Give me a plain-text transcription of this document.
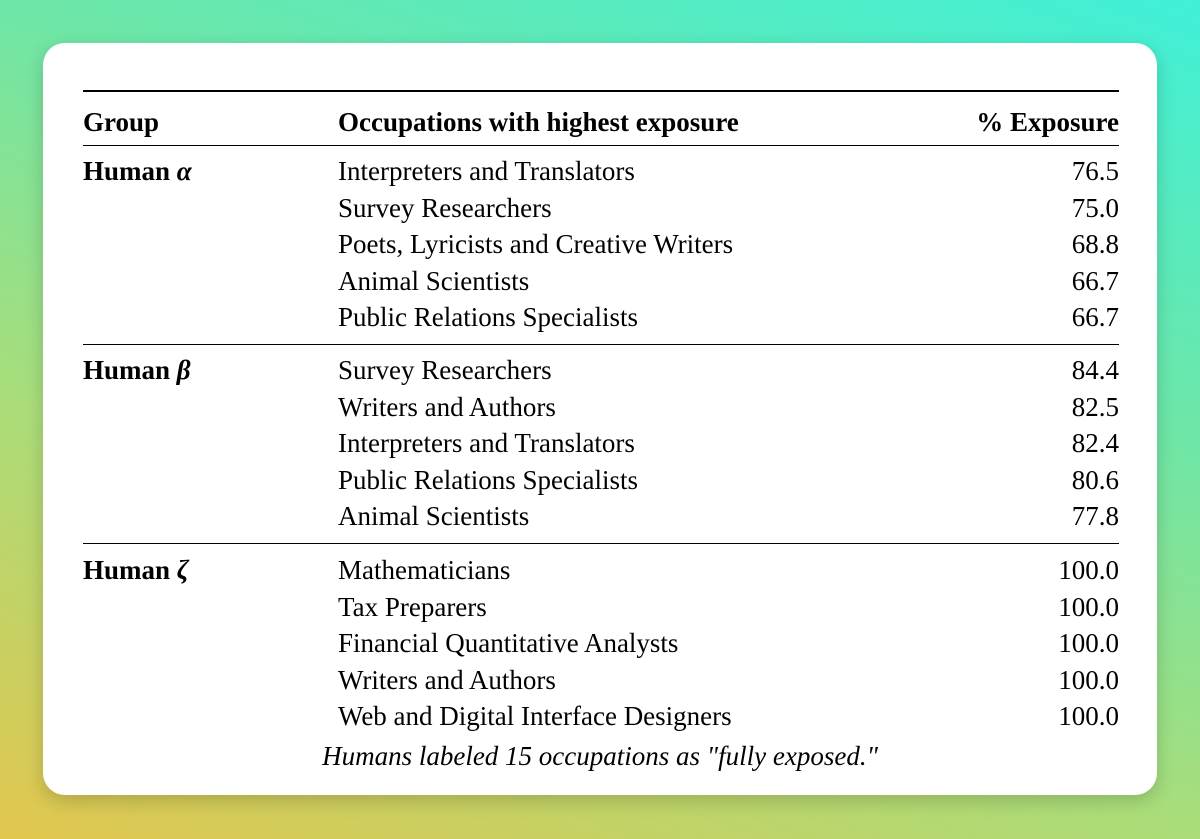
Group	Occupations with highest exposure	% Exposure
Human α	Interpreters and Translators	76.5
Survey Researchers	75.0
Poets, Lyricists and Creative Writers	68.8
Animal Scientists	66.7
Public Relations Specialists	66.7
Human β	Survey Researchers	84.4
Writers and Authors	82.5
Interpreters and Translators	82.4
Public Relations Specialists	80.6
Animal Scientists	77.8
Human ζ	Mathematicians	100.0
Tax Preparers	100.0
Financial Quantitative Analysts	100.0
Writers and Authors	100.0
Web and Digital Interface Designers	100.0
Humans labeled 15 occupations as "fully exposed."
